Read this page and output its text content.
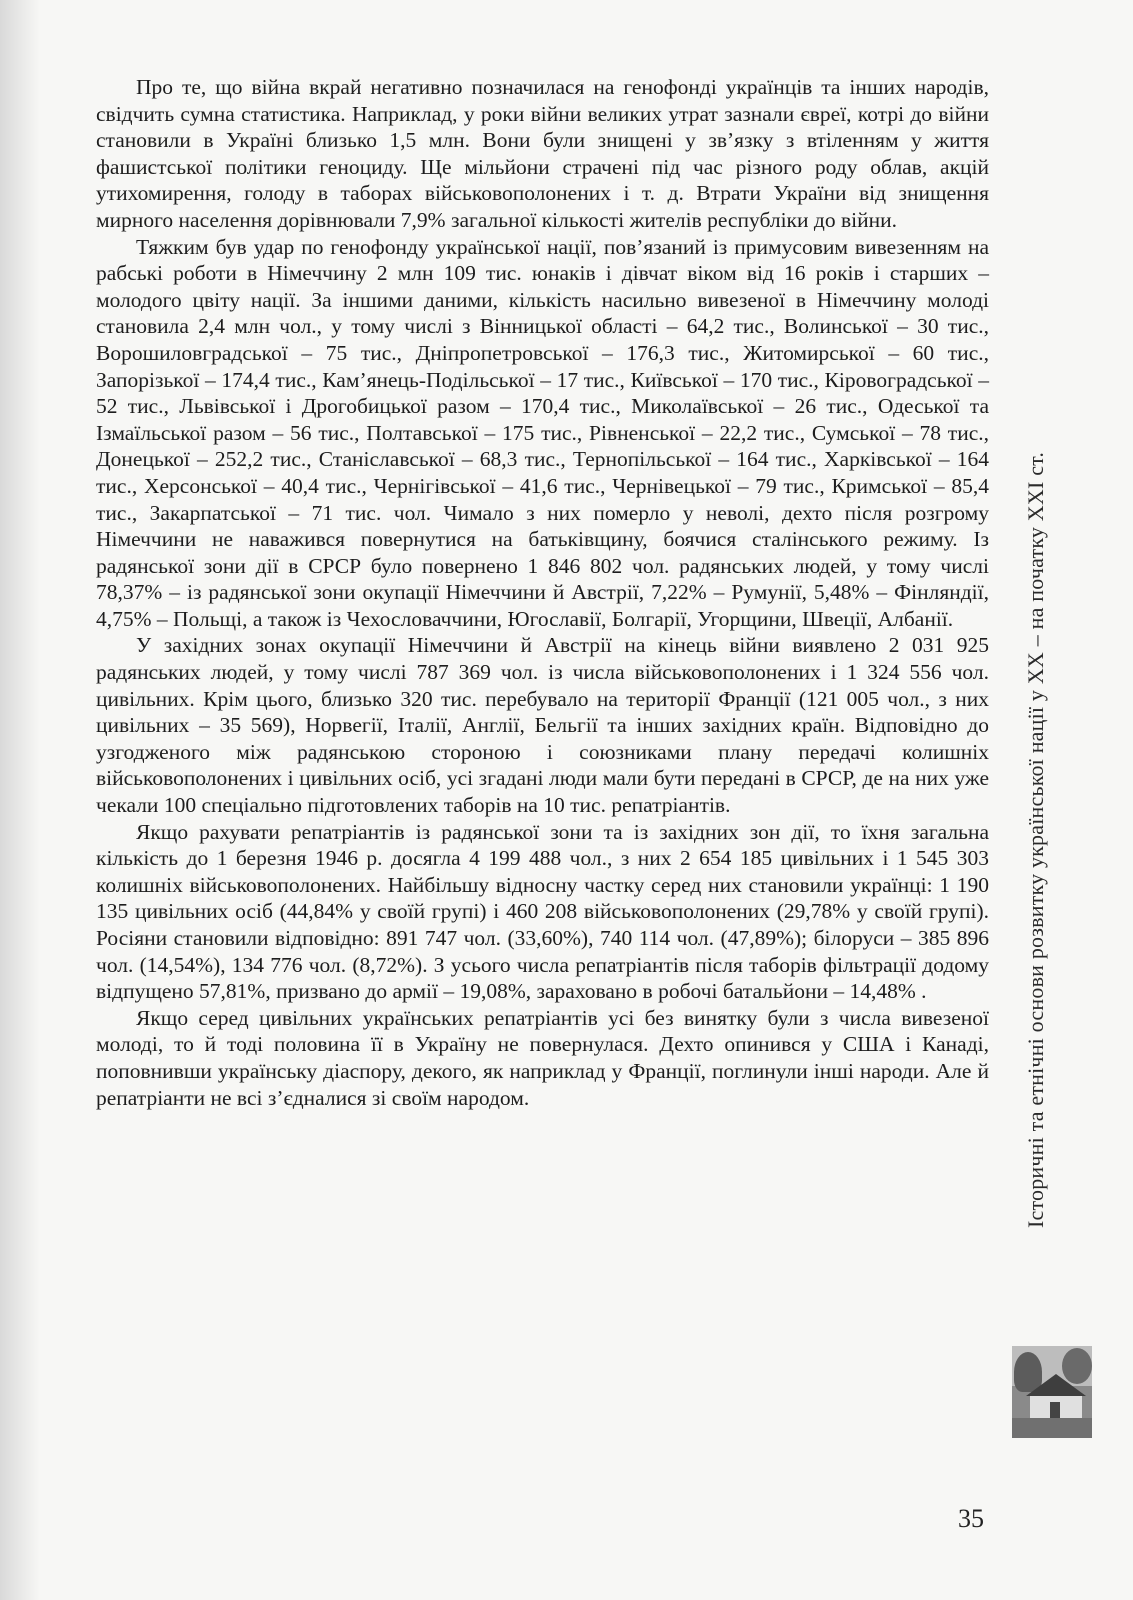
Про те, що війна вкрай негативно позначилася на генофонді українців та інших народів, свідчить сумна статистика. Наприклад, у роки війни великих утрат зазнали євреї, котрі до війни становили в Україні близько 1,5 млн. Вони були знищені у зв’язку з втіленням у життя фашистської політики геноциду. Ще мільйони страчені під час різного роду облав, акцій утихомирення, голоду в таборах військовополонених і т. д. Втрати України від знищення мирного населення дорівнювали 7,9% загальної кількості жителів республіки до війни.

Тяжким був удар по генофонду української нації, пов’язаний із примусовим вивезенням на рабські роботи в Німеччину 2 млн 109 тис. юнаків і дівчат віком від 16 років і старших – молодого цвіту нації. За іншими даними, кількість насильно вивезеної в Німеччину молоді становила 2,4 млн чол., у тому числі з Вінницької області – 64,2 тис., Волинської – 30 тис., Ворошиловградської – 75 тис., Дніпропетровської – 176,3 тис., Житомирської – 60 тис., Запорізької – 174,4 тис., Кам’янець-Подільської – 17 тис., Київської – 170 тис., Кіровоградської – 52 тис., Львівської і Дрогобицької разом – 170,4 тис., Миколаївської – 26 тис., Одеської та Ізмаїльської разом – 56 тис., Полтавської – 175 тис., Рівненської – 22,2 тис., Сумської – 78 тис., Донецької – 252,2 тис., Станіславської – 68,3 тис., Тернопільської – 164 тис., Харківської – 164 тис., Херсонської – 40,4 тис., Чернігівської – 41,6 тис., Чернівецької – 79 тис., Кримської – 85,4 тис., Закарпатської – 71 тис. чол. Чимало з них померло у неволі, дехто після розгрому Німеччини не наважився повернутися на батьківщину, боячися сталінського режиму. Із радянської зони дії в СРСР було повернено 1 846 802 чол. радянських людей, у тому числі 78,37% – із радянської зони окупації Німеччини й Австрії, 7,22% – Румунії, 5,48% – Фінляндії, 4,75% – Польщі, а також із Чехословаччини, Югославії, Болгарії, Угорщини, Швеції, Албанії.

У західних зонах окупації Німеччини й Австрії на кінець війни виявлено 2 031 925 радянських людей, у тому числі 787 369 чол. із числа військовополонених і 1 324 556 чол. цивільних. Крім цього, близько 320 тис. перебувало на території Франції (121 005 чол., з них цивільних – 35 569), Норвегії, Італії, Англії, Бельгії та інших західних країн. Відповідно до узгодженого між радянською стороною і союзниками плану передачі колишніх військовополонених і цивільних осіб, усі згадані люди мали бути передані в СРСР, де на них уже чекали 100 спеціально підготовлених таборів на 10 тис. репатріантів.

Якщо рахувати репатріантів із радянської зони та із західних зон дії, то їхня загальна кількість до 1 березня 1946 р. досягла 4 199 488 чол., з них 2 654 185 цивільних і 1 545 303 колишніх військовополонених. Найбільшу відносну частку серед них становили українці: 1 190 135 цивільних осіб (44,84% у своїй групі) і 460 208 військовополонених (29,78% у своїй групі). Росіяни становили відповідно: 891 747 чол. (33,60%), 740 114 чол. (47,89%); білоруси – 385 896 чол. (14,54%), 134 776 чол. (8,72%). З усього числа репатріантів після таборів фільтрації додому відпущено 57,81%, призвано до армії – 19,08%, зараховано в робочі батальйони – 14,48% .

Якщо серед цивільних українських репатріантів усі без винятку були з числа вивезеної молоді, то й тоді половина її в Україну не повернулася. Дехто опинився у США і Канаді, поповнивши українську діаспору, декого, як наприклад у Франції, поглинули інші народи. Але й репатріанти не всі з’єдналися зі своїм народом.	Історичні та етнічні основи розвитку української нації у XX – на початку XXI ст.
35
